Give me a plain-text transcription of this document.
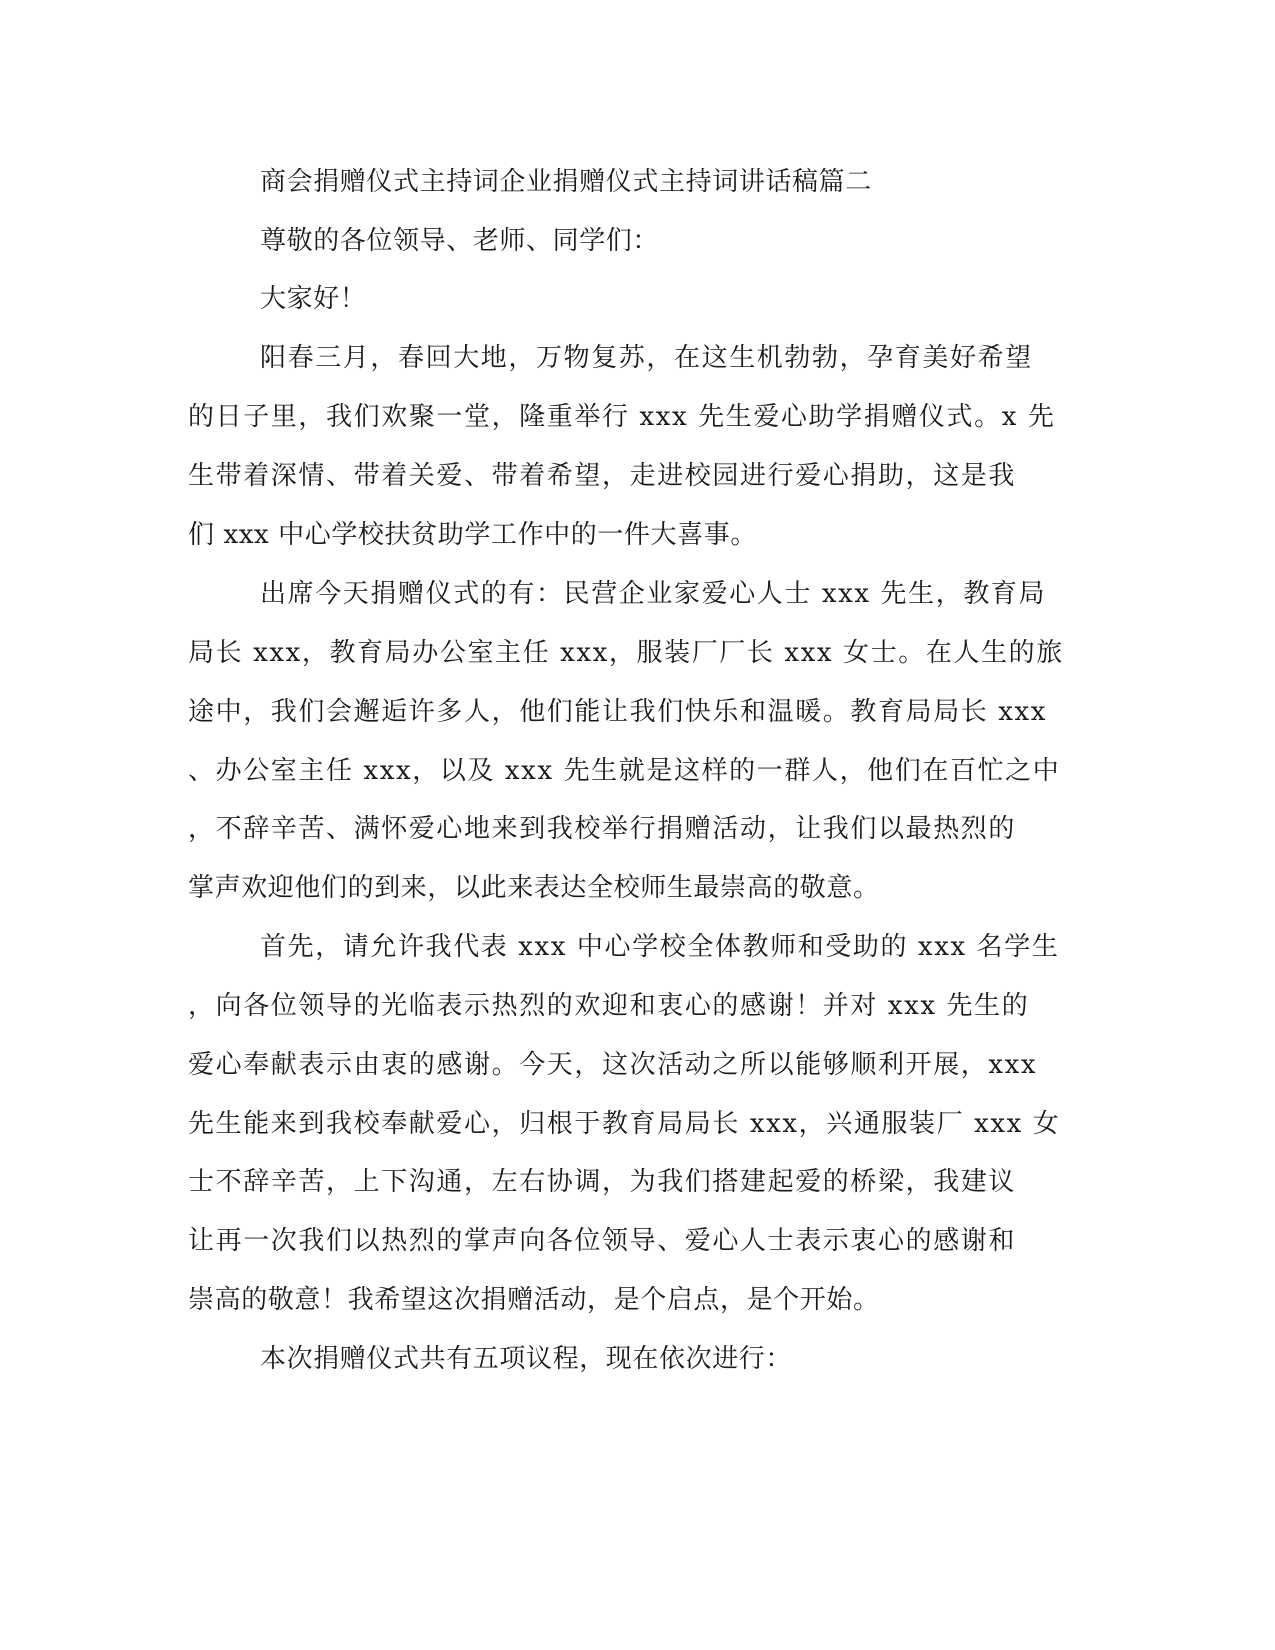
商会捐赠仪式主持词企业捐赠仪式主持词讲话稿篇二
尊敬的各位领导、老师、同学们：
大家好！
阳春三月，春回大地，万物复苏，在这生机勃勃，孕育美好希望
的日子里，我们欢聚一堂，隆重举行 xxx 先生爱心助学捐赠仪式。x 先
生带着深情、带着关爱、带着希望，走进校园进行爱心捐助，这是我
们 xxx 中心学校扶贫助学工作中的一件大喜事。
出席今天捐赠仪式的有：民营企业家爱心人士 xxx 先生，教育局
局长 xxx，教育局办公室主任 xxx，服装厂厂长 xxx 女士。在人生的旅
途中，我们会邂逅许多人，他们能让我们快乐和温暖。教育局局长 xxx
、办公室主任 xxx，以及 xxx 先生就是这样的一群人，他们在百忙之中
，不辞辛苦、满怀爱心地来到我校举行捐赠活动，让我们以最热烈的
掌声欢迎他们的到来，以此来表达全校师生最崇高的敬意。
首先，请允许我代表 xxx 中心学校全体教师和受助的 xxx 名学生
，向各位领导的光临表示热烈的欢迎和衷心的感谢！并对 xxx 先生的
爱心奉献表示由衷的感谢。今天，这次活动之所以能够顺利开展，xxx
先生能来到我校奉献爱心，归根于教育局局长 xxx，兴通服装厂 xxx 女
士不辞辛苦，上下沟通，左右协调，为我们搭建起爱的桥梁，我建议
让再一次我们以热烈的掌声向各位领导、爱心人士表示衷心的感谢和
崇高的敬意！我希望这次捐赠活动，是个启点，是个开始。
本次捐赠仪式共有五项议程，现在依次进行：
